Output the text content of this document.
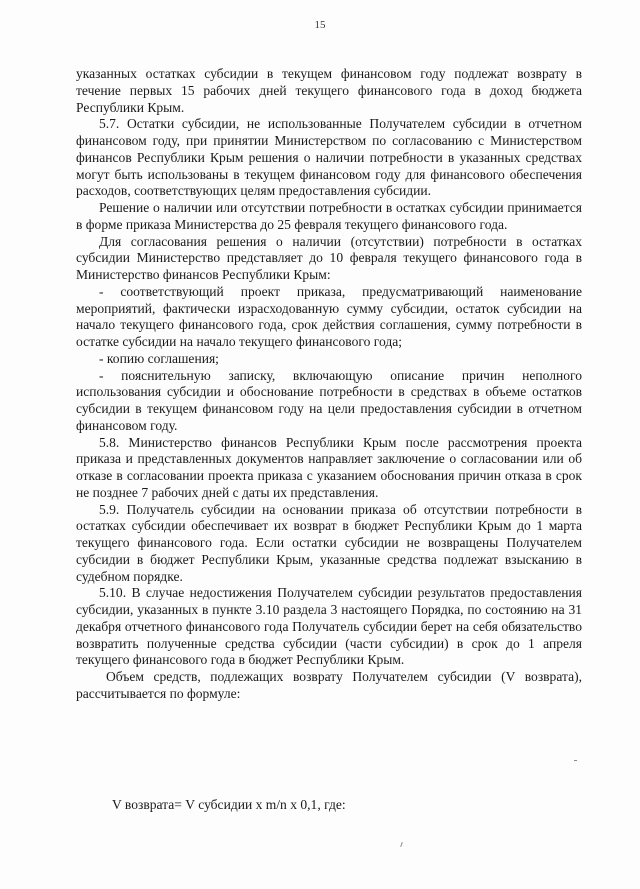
15

указанных остатках субсидии в текущем финансовом году подлежат возврату в течение первых 15 рабочих дней текущего финансового года в доход бюджета Республики Крым.

5.7. Остатки субсидии, не использованные Получателем субсидии в отчетном финансовом году, при принятии Министерством по согласованию с Министерством финансов Республики Крым решения о наличии потребности в указанных средствах могут быть использованы в текущем финансовом году для финансового обеспечения расходов, соответствующих целям предоставления субсидии.

Решение о наличии или отсутствии потребности в остатках субсидии принимается в форме приказа Министерства до 25 февраля текущего финансового года.

Для согласования решения о наличии (отсутствии) потребности в остатках субсидии Министерство представляет до 10 февраля текущего финансового года в Министерство финансов Республики Крым:

- соответствующий проект приказа, предусматривающий наименование мероприятий, фактически израсходованную сумму субсидии, остаток субсидии на начало текущего финансового года, срок действия соглашения, сумму потребности в остатке субсидии на начало текущего финансового года;

- копию соглашения;

- пояснительную записку, включающую описание причин неполного использования субсидии и обоснование потребности в средствах в объеме остатков субсидии в текущем финансовом году на цели предоставления субсидии в отчетном финансовом году.

5.8. Министерство финансов Республики Крым после рассмотрения проекта приказа и представленных документов направляет заключение о согласовании или об отказе в согласовании проекта приказа с указанием обоснования причин отказа в срок не позднее 7 рабочих дней с даты их представления.

5.9. Получатель субсидии на основании приказа об отсутствии потребности в остатках субсидии обеспечивает их возврат в бюджет Республики Крым до 1 марта текущего финансового года. Если остатки субсидии не возвращены Получателем субсидии в бюджет Республики Крым, указанные средства подлежат взысканию в судебном порядке.

5.10. В случае недостижения Получателем субсидии результатов предоставления субсидии, указанных в пункте 3.10 раздела 3 настоящего Порядка, по состоянию на 31 декабря отчетного финансового года Получатель субсидии берет на себя обязательство возвратить полученные средства субсидии (части субсидии) в срок до 1 апреля текущего финансового года в бюджет Республики Крым.

Объем средств, подлежащих возврату Получателем субсидии (V возврата), рассчитывается по формуле:

V возврата= V субсидии x m/n x 0,1, где:
